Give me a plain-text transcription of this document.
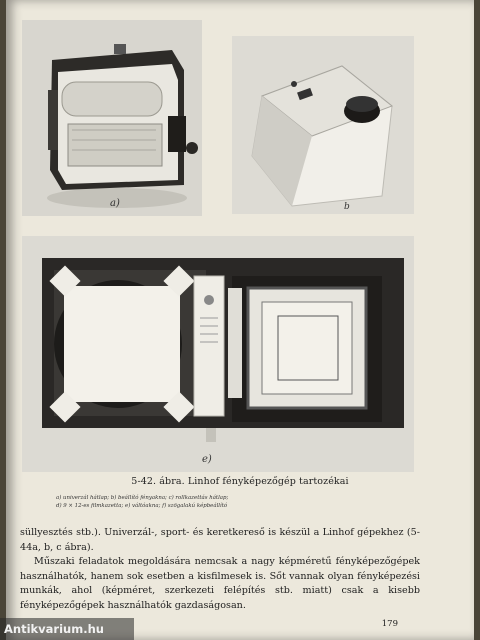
a)	b
e)
5-42. ábra. Linhof fényképezőgép tartozékai
a) univerzál hátlap; b) beállító fényakna; c) rollkazettás hátlap;
d) 9 × 12-es filmkazetta; e) váltóakna; f) szögalakú képbeállító

süllyesztés stb.). Univerzál-, sport- és keretkereső is készül a Linhof gépekhez (5-44a, b, c ábra).

Műszaki feladatok megoldására nemcsak a nagy képméretű fényképezőgépek használhatók, hanem sok esetben a kisfilmesek is. Sőt vannak olyan fényképezési munkák, ahol (képméret, szerkezeti felépítés stb. miatt) csak a kisebb fényképezőgépek használhatók gazdaságosan.

179
Antikvarium.hu
